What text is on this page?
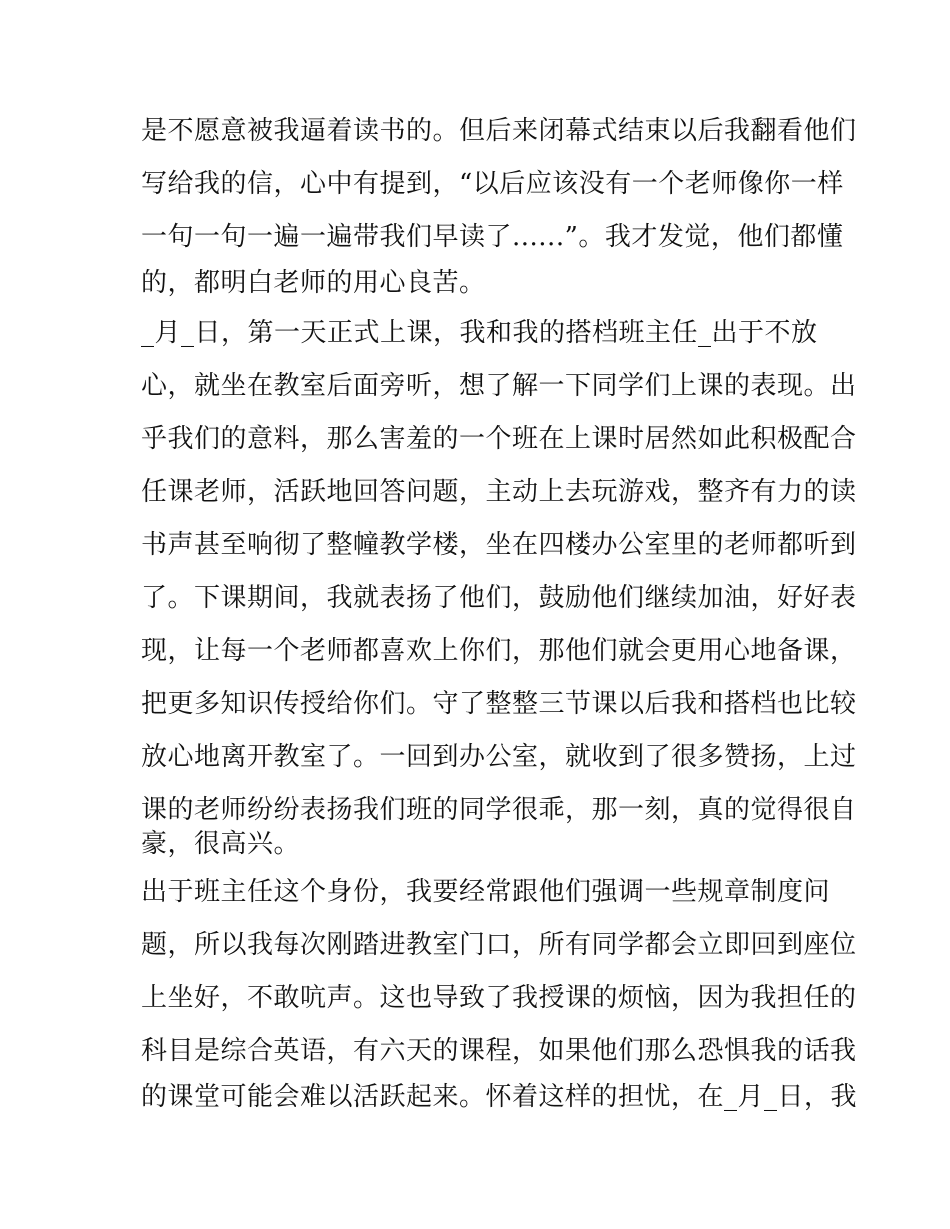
是不愿意被我逼着读书的。但后来闭幕式结束以后我翻看他们
写给我的信，心中有提到，“以后应该没有一个老师像你一样
一句一句一遍一遍带我们早读了......”。我才发觉，他们都懂
的，都明白老师的用心良苦。
_月_日，第一天正式上课，我和我的搭档班主任_出于不放
心，就坐在教室后面旁听，想了解一下同学们上课的表现。出
乎我们的意料，那么害羞的一个班在上课时居然如此积极配合
任课老师，活跃地回答问题，主动上去玩游戏，整齐有力的读
书声甚至响彻了整幢教学楼，坐在四楼办公室里的老师都听到
了。下课期间，我就表扬了他们，鼓励他们继续加油，好好表
现，让每一个老师都喜欢上你们，那他们就会更用心地备课，
把更多知识传授给你们。守了整整三节课以后我和搭档也比较
放心地离开教室了。一回到办公室，就收到了很多赞扬，上过
课的老师纷纷表扬我们班的同学很乖，那一刻，真的觉得很自
豪，很高兴。
出于班主任这个身份，我要经常跟他们强调一些规章制度问
题，所以我每次刚踏进教室门口，所有同学都会立即回到座位
上坐好，不敢吭声。这也导致了我授课的烦恼，因为我担任的
科目是综合英语，有六天的课程，如果他们那么恐惧我的话我
的课堂可能会难以活跃起来。怀着这样的担忧，在_月_日，我
